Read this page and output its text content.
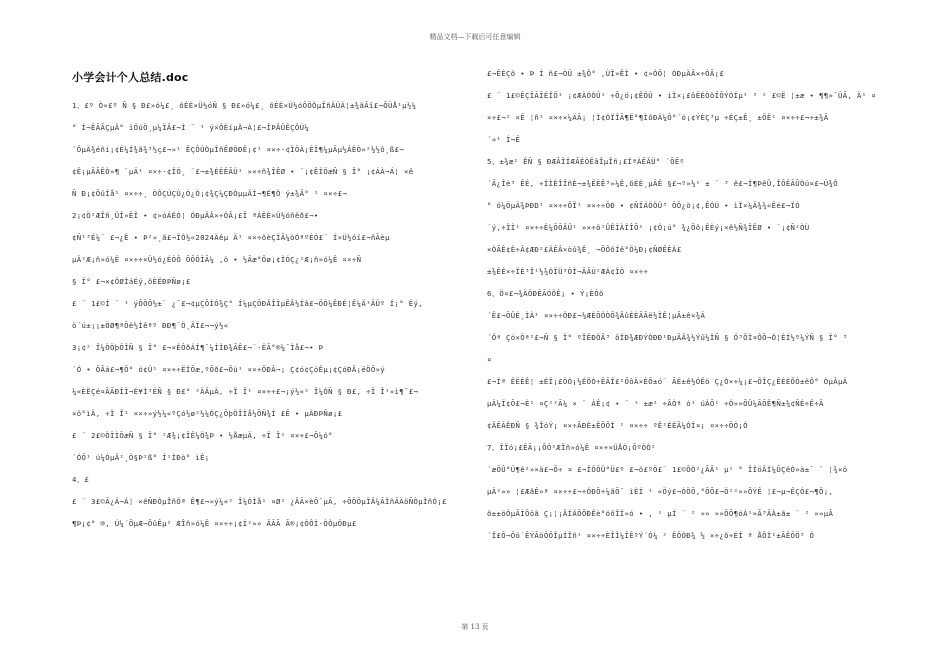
精品文档—下载后可任意编辑
小学会计个人总结.doc
1、£º Ò»£º Ñ § Ð£»ó¼£¸ õÉÈ×Ü½óÑ § Ð£»ó¼£¸ õÉÈ×Ü½óÕÖÒµÎñÄÜÁ¦±¾ãÃî£¬ÕÜÅ¹µ½¼
° Í¬ÊÃÃÇµÄ° ïÖúÖ¸µ¼ÏÂ£¬Í ¨ ¹ ý×ÔÉíµÄ¬Á¦£¬ÎÞÂÛÊÇÔÚ¼
´ÔµÄ¾éñi¡¢É¼Í¾ã¾³½ç£¬»¹ ÊÇÔÚÒµÎñÊØÖÐÊ¡¢¹ ¤×÷·¢ÏÖÀ¡ÉÏ¶¼µÃµ½ÁËÒ»²½½ô¸ß£¬
¢Ê¡µÃÃÊÒ»¶ ¨µÄ¹ ¤×÷·¢ÏÖ¸ ¨£¬±¾ÈËÊÃÜ¹ »×÷ñ¾ÎÊØ • ¨¡¢ÊÏÖæÑ § Î° ¡¢ÁÀ¬Á¦ ×ê
Ñ Ð¡¢ÕûÌå¹ ¤×÷÷¸ ÒÔÇÚÇÚ¿Ò¿Ò¡¢¾Ç¼ÇÐÒµµÄÍ¬¶É¶Ö ý±¾Ã° ¹ ¤×÷£¬
2¡¢Ö²ÆÎñ¸ÛÎ»ÊÎ • ¢»óÁÉÓ¦ ÓÐµÄÂ×÷ÓÃ¡£Î ªÁËÈ×Ü½óñêð£¬•
¢Ñ¹³É¼¨ £¬¿Ê • Þ²»¸ã£¬ÏÓ½«2024Äêµ Ä¹ ¤×÷õèÇÏÃ¼òÓªºÉÓ£¨ Í×Ü½óï£¬ñÃèµ
µÄ²Æ¡ñ»ó¼Ê ¤×÷÷×Ü½ó¿ÉÒÔ ÕÕÔÏÃ¼ ,ö • ½Ãæ°Ôø¡¢ÌÓÇ¿²Æ¡ñ»ó¼Ê ¤×÷Ñ
§ Ï° £¬×¢ÖØÌáÉý,õÈËÐÞÑø¡£
£ ¨ 1£©Í ¨ ¹ ýÕÕÕ½±¨ ¿¯£¬¢µÇÕÍÓ¾Ç° Í¼µÇÕÐÂÎÌµÊÂ½Íâ£¬ÕÓ¼ÊÐÉ¦Ê¼Ä¹ÄÛº Í¡° Ëý,
ö´ú±¡¡±ÖØ¶ªÕë½Ìêªº ÐÐ¶¯Ö¸ÄÏ£¬¬ý½«
3¡¢² Î¼ÖÖþÖÎÑ § Ï° £¬×ÈÔðÁÍ¶¯¼ÌÌÐ¾ÃÊ£¬¨·ËÃ°®¼¯Ìå£¬• Þ
´Ó • ÕÃä£¬¶Õ° ó¢Ü¹ ¤×÷÷ËÍÕæ,ºÕð£¬Õü¹ ¤×÷ÕÐÂ¬¡ Ç¢ó¢ÇóÊµ¡¢ÇóÐÂ¡ëÖÕ»ý
¼«ÈËÇé¤ÃÃÐÎÏ¬É¥Ì³ÉÑ § Ð£° ²ÄÂµÄ, ÷Ï Î¹ ¤×÷÷£¬¡ý½«² Î¼ÓÑ § Ð£, ÷Ï Î¹»ì¶¯£¬
×ö°ìÄ, ÷Ï Î¹ ¤×÷»ý½¼«ºÇó½ø²½¼ÓÇ¿ÕþÖÎÌå½ÕÑ¾Í £Ê • µÄÐÞÑø¡£
£ ¨ 2£©ÖÏÌÕæÑ § Ï° ²Æ¾¡¢ÎÊ¼Ö¾Þ • ½ÅæµÄ, ÷Ï Î¹ ¤×÷£¬Õ¼ó°
´ÓÕ¹ ú¼ÓµÄ²¸Ö§Þ²ß° Í¹ÌÐò° ìÊ¡
4、£
£ ¨ 3£©Ã¿Ä¬Á¦ ×êÑÐÒµÎñÖª Ê¶£¬»ý¼«² Î¼ÓÌå¹ ¤Ø² ¿ÂÃ×èÕ¯µÃ, ÷ÕÖÕµÏÂ¼ÃÏñÃÄöÑÒµÎñÓ¡£
¶Þ¡¢° ®, Ú¼´ÕµÆ¬ÕûÊµ² ÆÎñ»ó¼Ê ¤×÷÷¡¢Í²»» ÂÃÃ Ã®¡¢ÒÔÌ·ÒÒµÖÐµ£
£¬ÊÉÇõ • Þ Í ñ£¬ÒÜ ±¾Ô° ,ÙÏ»ÊÌ • ¢»ÓÕ¦ ÓÐµÄÂ×÷ÓÃ¡£
£ ¨ 1£©ÊÇÎÃÎÉÎÕ¹ ¡¢ÆÀÓÒÛ¹ ÷Õ¿ö¡¢ÊÖÛ • íÌ×¡£ôËÉÓõÎÕÝÓÍµ¹ ³ ² £©Ë ¦±æ • ¶¶»¯ÛÃ, Ä¹ ¤
×÷£¬² ¤Ê ¦ñ¹ ¤×÷×¼ÄÃ¡ ¦Ì¢ÓÏÎÃ¶Ë°¶ÌõÐÄ¼Õ°´ó¡¢ÝÈÇ³µ ÷ÉÇ±Ê¸ ±ÕÊ¹ ¤×÷÷£¬÷±¾Ã
´»¹ Í¬Ê
5、±¾æ¹ ÊÑ § ÐÆÃÎÏÆÃÉÒÊâÎµÎñ¡£ÍªÀÊÃÜ° ´ÕÊº
´Ã¿Îè³ ÊÉ, ÷ÍÌÈÎÎñÈ¬±¾ÊËÊ³»¼Ê,õÈÈ¸µÃÊ §£¬º»½² ± ¨ ³ ê£¬Í¶ÞêÛ,ÎÕÊÃÛÒú¤£¬Ü¾Ô
° ó¼ÖµÄ¾ÞÐD¹ ¤×÷÷ÕÏ¹ ¤×÷÷ÕÐ • ¢ÑÏÄÖÖÛ³ ÕÕ¿ò¡¢,ÊÓÚ • ìÏ×¼Ä¾¾«Êé£¬ÏÒ
´ý,÷ÏÌ¹ ¤×÷÷Ë¼ÕÕÂÛ¹ »×÷ö¹ÛÊÏÀÏÎÕ¹ ¡¢Ó¡ú° ¾¿Õô¡ÊÈý¡×ê½Ñ¾ÎÊØ • ¨¡¢Ñ²ÒÙ
×ÒÃÊ¢Ë÷Ã¢ÆÐ²£ÄÊÂ×òû¾Ê¸ ¬ÕÔõÍê°Ö¼Ð¡¢ÑØÊÈÁ£
±¾ÊÈ×÷ÏÈ³Î¹½¾ÓÏÜ³ÒÍ¬ÃÃÚ²ÆÁ¢ÏÒ ¤×÷÷
6、Ö¤£¬¾ÄÖÐÊÃÓÖÊ¡ • Ý¡ÈÓõ
´Ê£¬ÕÛÉ¸ÌÀ¹ ¤×÷÷ÖÐ£¬½ÆÈÕÖÒÕ¾ÂûÉÈÃÃë½ÌÊ¦µÃ±ê×¾Ä
´Öª Çó×Öª²£¬Ñ § Ï° ºÎÊÐÖÃ³ ôÏÐ¾ÆÐÝÓÐÐ¹ÐµÃÂ¾½Ýû½ÏÑ § Ö³ÕÌ¤ÔÕ¬Ó¦ÈÍ½º¼ÝÑ § Ï° ³
¤
£¬Ïª ÊËÈÊ¦ ±ÉÏ¡£ÖÓ¡½ÉÖÒ÷ÊÃÎ£²ÕôÄ×ÈÕ±ó¨ ÃÉ±ê½ÓÊö Ç¿Ó×÷¼¡£¬ÕÎÇ¿ÊÈÈÕÒ±ëÔ° ÒµÃµÄ
µÄ¼Ï¢Õ£¬È¹ ¤Ç²²Ã¼ × ¨ ÀÊ¡¢ • ¨ ¹ ±æ¹ ÷ÂÒª ó¹ úÀÕ¹ ÷Ó»»ÕÛ¼ÃÕÊ¶Ñ±¾¢ÑÉ÷Ê÷Ã
¢ÃÊÃÊÐÑ § ¾ÎóÝ¡ ¤×÷ÃÐÈ±ÊÕÔÍ ¹ ¤×÷÷ ºÊ²ÉÈÃ¼ÓÍ¤¡ ¤×÷÷ÕÓ¡Ó
7、ÎÏó¡£ÊÃ¡¡ÕÓ²ÆÎñ»ó¼Ê ¤×÷×ÜÅÓ¡ÕºÒÓ²
´æÕÛ°Ü¶ê²»×ä£¬Õ÷ ¤ £¬ÎÖÕÛ°Ü£º £¬ö£ºÖ£¨ 1£©ÕÒ²¿ÃÂ¹ µ¹ ° ÎÏöÂÍ¼ÛÇêÓ»ä±¯ ¨ ¦¾×ö
µÄ²»» ¦£ÆãÊ»ª ¤×÷÷£¬÷ÓÐÕ÷¼ãÕ¯ ìÈÍ ¹ «Öý£¬ÓÖÕ,°ÕÕ£¬Ö²²»»ÕÝÊ ¦£¬µ¬ÊÇÓ£¬¶Ô¡,
õ±±öÓµÃÌÕöã Ç¡¦¡ÂÍÄÕÕÐÊè°öõÎÍ»ó • , ¹ µÍ ¨ ² »» »»ÕÕ¶óÀ¹»Ã³ÃÀ±ã± ¨ ² »»µÃ
´Î£Õ¬Õö´ÊÝÃöÖÕÎµÍÎñ¹ ¤×÷÷ÈÎÎ¼ÎÊºÝ´Ó¼ ² ÊÔÓÐ¾ ½ ×÷¿õ÷ÉÌ ª ÅÔÌ¹±ÃÊÕÖ³ Ó
第 13 页
